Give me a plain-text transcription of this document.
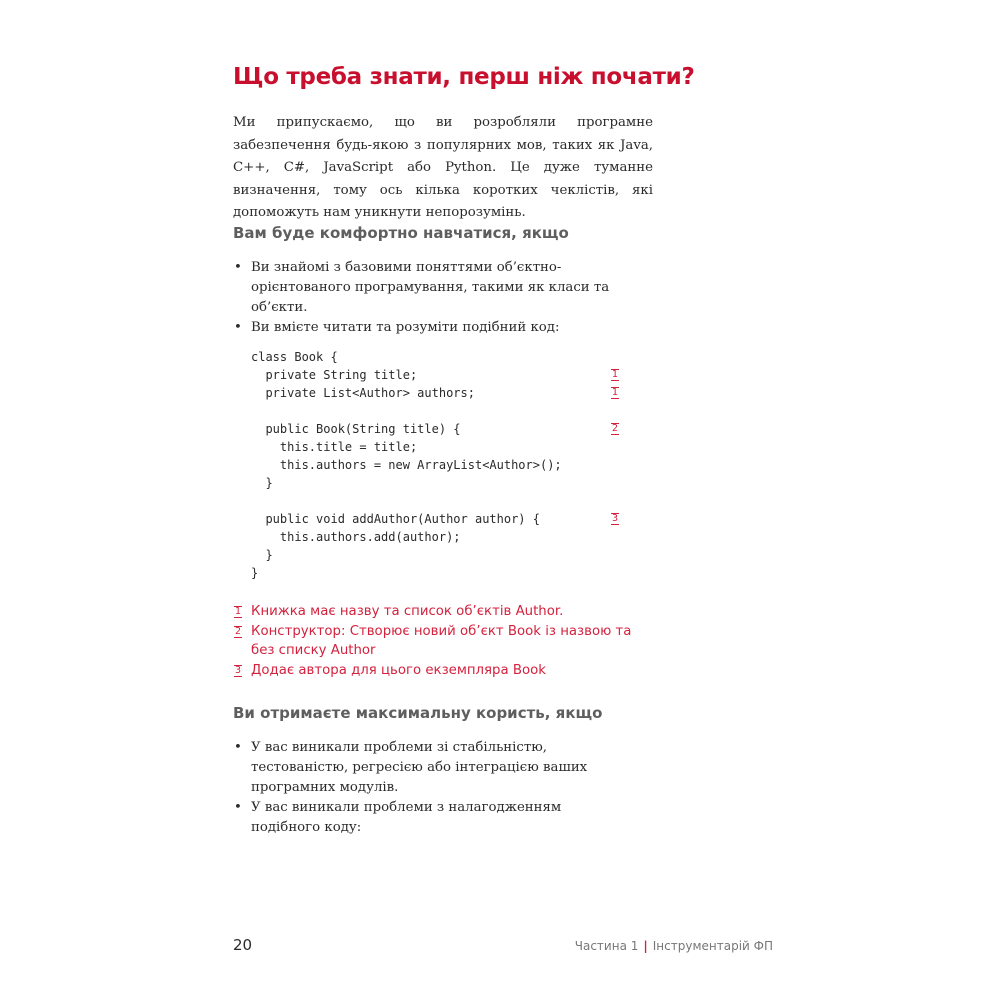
Що треба знати, перш ніж почати?

Ми припускаємо, що ви розробляли програмне забезпечення будь-якою з популярних мов, таких як Java, C++, C#, JavaScript або Python. Це дуже туманне визначення, тому ось кілька коротких чеклістів, які допоможуть нам уникнути непорозумінь.

Вам буде комфортно навчатися, якщо
• Ви знайомі з базовими поняттями об’єктно-орієнтованого програмування, такими як класи та об’єкти.
• Ви вмієте читати та розуміти подібний код:
class Book {
private String title;	1
private List<Author> authors;	1
public Book(String title) {	2
this.title = title;
this.authors = new ArrayList<Author>();
}
public void addAuthor(Author author) {	3
this.authors.add(author);
}
}
1 Книжка має назву та список об’єктів Author.
2 Конструктор: Створює новий об’єкт Book із назвою та без списку Author
3 Додає автора для цього екземпляра Book
Ви отримаєте максимальну користь, якщо
• У вас виникали проблеми зі стабільністю, тестованістю, регресією або інтеграцією ваших програмних модулів.
• У вас виникали проблеми з налагодженням подібного коду:
20	Частина 1 | Інструментарій ФП
